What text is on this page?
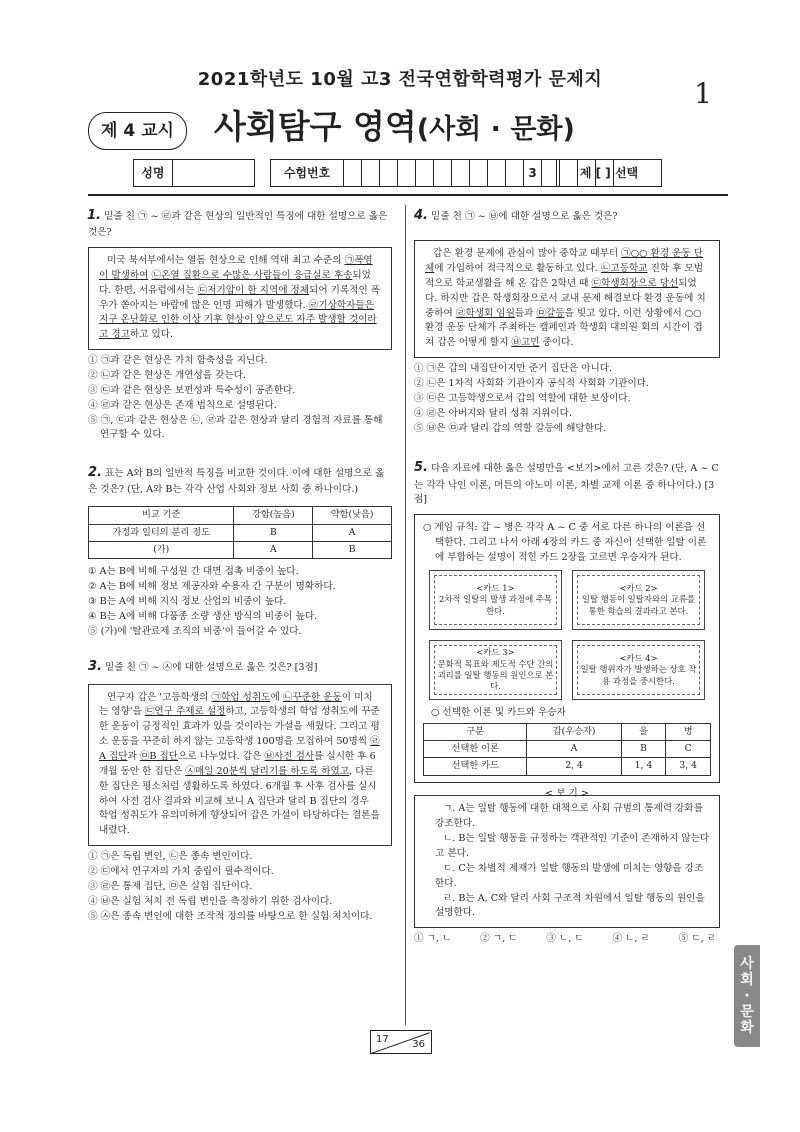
2021학년도 10월 고3 전국연합학력평가 문제지	1
제 4 교시	사회탐구 영역(사회 · 문화)
성명	수험번호	3	제 [ ] 선택
1. 밑줄 친 ㉠ ~ ㉣과 같은 현상의 일반적인 특징에 대한 설명으로 옳은 것은?

미국 북서부에서는 열돔 현상으로 인해 역대 최고 수준의 ㉠폭염이 발생하여 ㉡온열 질환으로 수많은 사람들이 응급실로 후송되었다. 한편, 서유럽에서는 ㉢저기압이 한 지역에 정체되어 기록적인 폭우가 쏟아지는 바람에 많은 인명 피해가 발생했다. ㉣기상학자들은 지구 온난화로 인한 이상 기후 현상이 앞으로도 자주 발생할 것이라고 경고하고 있다.

① ㉠과 같은 현상은 가치 함축성을 지닌다.

② ㉡과 같은 현상은 개연성을 갖는다.

③ ㉢과 같은 현상은 보편성과 특수성이 공존한다.

④ ㉣과 같은 현상은 존재 법칙으로 설명된다.

⑤ ㉠, ㉢과 같은 현상은 ㉡, ㉣과 같은 현상과 달리 경험적 자료를 통해 연구할 수 있다.

2. 표는 A와 B의 일반적 특징을 비교한 것이다. 이에 대한 설명으로 옳은 것은? (단, A와 B는 각각 산업 사회와 정보 사회 중 하나이다.)
비교 기준	강함(높음)	약함(낮음)
가정과 일터의 분리 정도	B	A
(가)	A	B

① A는 B에 비해 구성원 간 대면 접촉 비중이 높다.

② A는 B에 비해 정보 제공자와 수용자 간 구분이 명확하다.

③ B는 A에 비해 지식 정보 산업의 비중이 높다.

④ B는 A에 비해 다품종 소량 생산 방식의 비중이 높다.

⑤ (가)에 '탈관료제 조직의 비중'이 들어갈 수 있다.

3. 밑줄 친 ㉠ ~ ㉦에 대한 설명으로 옳은 것은? [3점]

연구자 갑은 '고등학생의 ㉠학업 성취도에 ㉡꾸준한 운동이 미치는 영향'을 ㉢연구 주제로 설정하고, 고등학생의 학업 성취도에 꾸준한 운동이 긍정적인 효과가 있을 것이라는 가설을 세웠다. 그리고 평소 운동을 꾸준히 하지 않는 고등학생 100명을 모집하여 50명씩 ㉣A 집단과 ㉤B 집단으로 나누었다. 갑은 ㉥사전 검사를 실시한 후 6개월 동안 한 집단은 ㉦매일 20분씩 달리기를 하도록 하였고, 다른 한 집단은 평소처럼 생활하도록 하였다. 6개월 후 사후 검사를 실시하여 사전 검사 결과와 비교해 보니 A 집단과 달리 B 집단의 경우 학업 성취도가 유의미하게 향상되어 갑은 가설이 타당하다는 결론을 내렸다.

① ㉠은 독립 변인, ㉡은 종속 변인이다.

② ㉢에서 연구자의 가치 중립이 필수적이다.

③ ㉣은 통제 집단, ㉤은 실험 집단이다.

④ ㉥은 실험 처치 전 독립 변인을 측정하기 위한 검사이다.

⑤ ㉦은 종속 변인에 대한 조작적 정의를 바탕으로 한 실험 처치이다.

4. 밑줄 친 ㉠ ~ ㉥에 대한 설명으로 옳은 것은?

갑은 환경 문제에 관심이 많아 중학교 때부터 ㉠○○ 환경 운동 단체에 가입하여 적극적으로 활동하고 있다. ㉡고등학교 진학 후 모범적으로 학교생활을 해 온 갑은 2학년 때 ㉢학생회장으로 당선되었다. 하지만 갑은 학생회장으로서 교내 문제 해결보다 환경 운동에 치중하여 ㉣학생회 임원들과 ㉤갈등을 빚고 있다. 이런 상황에서 ○○ 환경 운동 단체가 주최하는 캠페인과 학생회 대의원 회의 시간이 겹쳐 갑은 어떻게 할지 ㉥고민 중이다.

① ㉠은 갑의 내집단이지만 준거 집단은 아니다.

② ㉡은 1차적 사회화 기관이자 공식적 사회화 기관이다.

③ ㉢은 고등학생으로서 갑의 역할에 대한 보상이다.

④ ㉣은 아버지와 달리 성취 지위이다.

⑤ ㉥은 ㉤과 달리 갑의 역할 갈등에 해당한다.

5. 다음 자료에 대한 옳은 설명만을 <보기>에서 고른 것은? (단, A ~ C는 각각 낙인 이론, 머튼의 아노미 이론, 차별 교제 이론 중 하나이다.) [3점]

○ 게임 규칙: 갑 ~ 병은 각각 A ~ C 중 서로 다른 하나의 이론을 선택한다. 그리고 나서 아래 4장의 카드 중 자신이 선택한 일탈 이론에 부합하는 설명이 적힌 카드 2장을 고르면 우승자가 된다.

<카드 1>
2차적 일탈의 발생 과정에 주목한다.
<카드 2>
일탈 행동이 일탈자와의 교류를 통한 학습의 결과라고 본다.
<카드 3>
문화적 목표와 제도적 수단 간의 괴리를 일탈 행동의 원인으로 본다.
<카드 4>
일탈 행위자가 발생하는 상호 작용 과정을 중시한다.

○ 선택한 이론 및 카드와 우승자

구분	갑(우승자)	을	병
선택한 이론	A	B	C
선택한 카드	2, 4	1, 4	3, 4
< 보 기 >

ㄱ. A는 일탈 행동에 대한 대책으로 사회 규범의 통제력 강화를 강조한다.

ㄴ. B는 일탈 행동을 규정하는 객관적인 기준이 존재하지 않는다고 본다.

ㄷ. C는 차별적 제재가 일탈 행동의 발생에 미치는 영향을 강조한다.

ㄹ. B는 A, C와 달리 사회 구조적 차원에서 일탈 행동의 원인을 설명한다.

① ㄱ, ㄴ	② ㄱ, ㄷ	③ ㄴ, ㄷ	④ ㄴ, ㄹ	⑤ ㄷ, ㄹ
사
회
·
문
화
17 36
